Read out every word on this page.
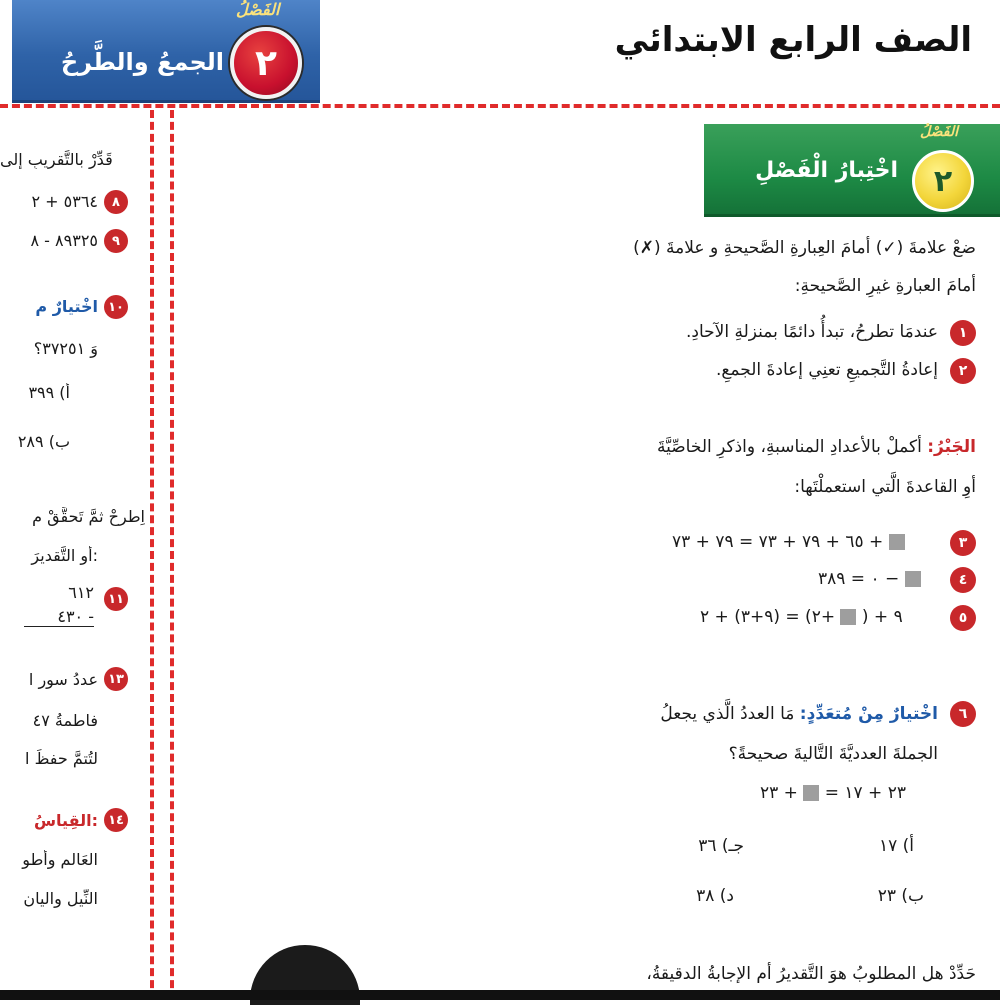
الصف الرابع الابتدائي
الفَصْلُ
٢
الجمعُ والطَّرحُ
الفَصْلُ
٢
اخْتِبارُ الْفَصْلِ
ضعْ علامةَ (✓) أمامَ العِبارةِ الصَّحيحةِ و علامةَ (✗)
أمامَ العبارةِ غيرِ الصَّحيحةِ:
١
عندمَا تطرحُ، تبدأُ دائمًا بمنزلةِ الآحادِ.
٢
إعادةُ التَّجميعِ تعنِي إعادةَ الجمعِ.
الجَبْرُ: أكملْ بالأعدادِ المناسبةِ، واذكرِ الخاصِّيَّةَ
أوِ القاعدةَ الَّتي استعملْتَها:
٣
٦٥ + ٧٩ + ٧٣ = ٧٩ + ٧٣ +
٤
٠ = ٣٨٩ −
٥
٩ + (  +٢) = (٩+٣) + ٢
٦
اخْتيارٌ مِنْ مُتعَدِّدٍ: مَا العددُ الَّذي يجعلُ
الجملةَ العدديَّةَ التَّاليةَ صحيحةً؟
٢٣ + ١٧ =  + ٢٣
أ) ١٧
جـ) ٣٦
ب) ٢٣
د) ٣٨
حَدِّدْ هل المطلوبُ هوَ التَّقديرُ أم الإجابةُ الدقيقةُ،
قَدِّرْ بالتَّقريبِ إلى
٨
٥٣٦٤ + ٢
٩
٨٩٣٢٥ - ٨
١٠
اخْتيارٌ مِ
وَ ٣٧٢٥١؟
أ) ٣٩٩
ب) ٢٨٩
اِطرحْ ثمَّ تَحقَّقْ مِ
أوِ التَّقديرَ:
١١
٦١٢
٤٣٠ -
١٣
عددُ سورِ ا
فاطمةُ ٤٧
لتُتمَّ حفظَ ا
١٤
القِياسُ:
العَالمِ وأطو
النِّيلِ واليان
